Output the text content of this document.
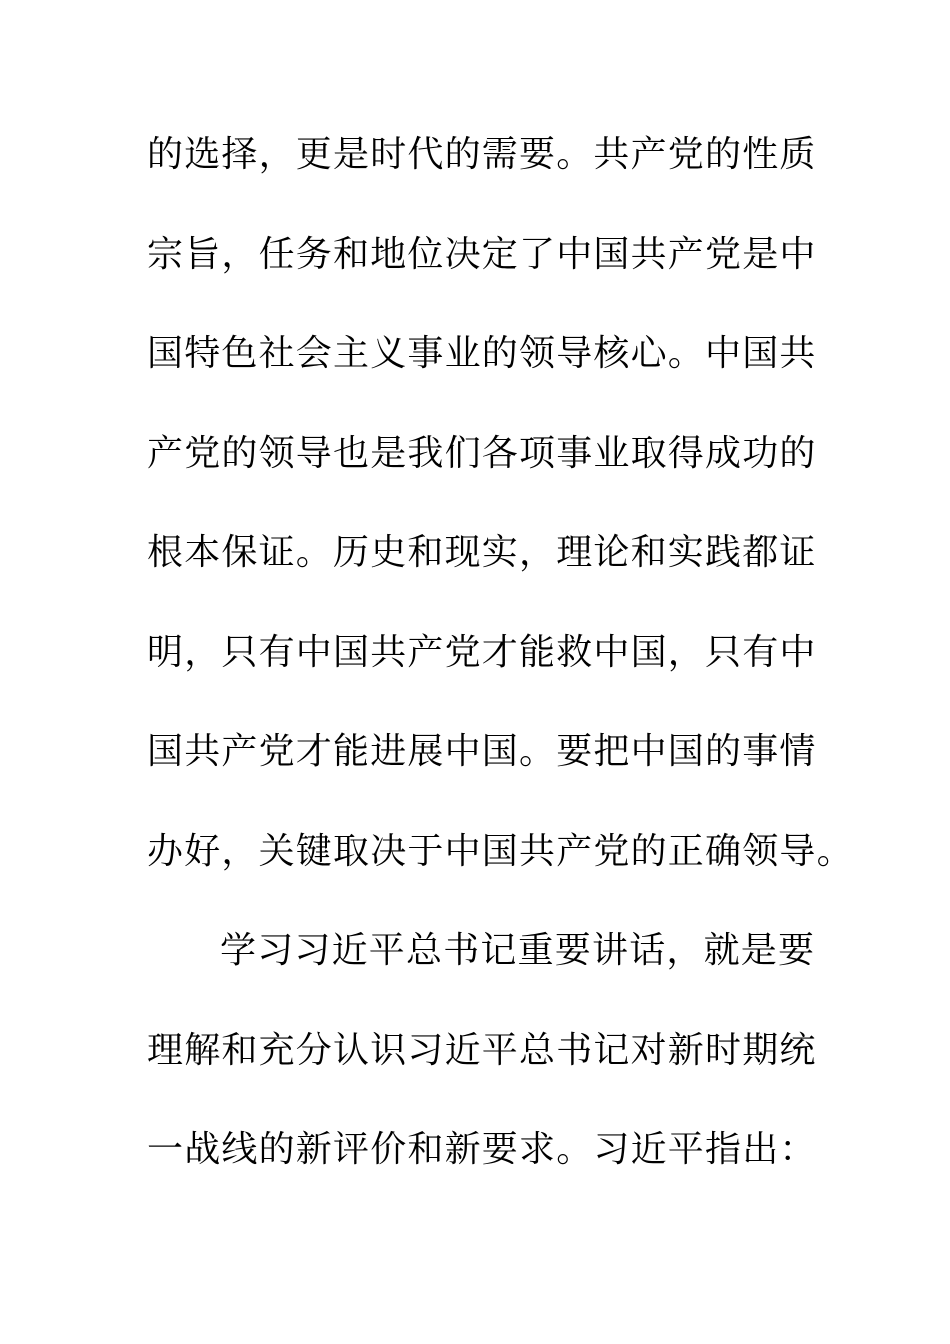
的选择，更是时代的需要。共产党的性质
宗旨，任务和地位决定了中国共产党是中
国特色社会主义事业的领导核心。中国共
产党的领导也是我们各项事业取得成功的
根本保证。历史和现实，理论和实践都证
明，只有中国共产党才能救中国，只有中
国共产党才能进展中国。要把中国的事情
办好，关键取决于中国共产党的正确领导。
学习习近平总书记重要讲话，就是要
理解和充分认识习近平总书记对新时期统
一战线的新评价和新要求。习近平指出：
